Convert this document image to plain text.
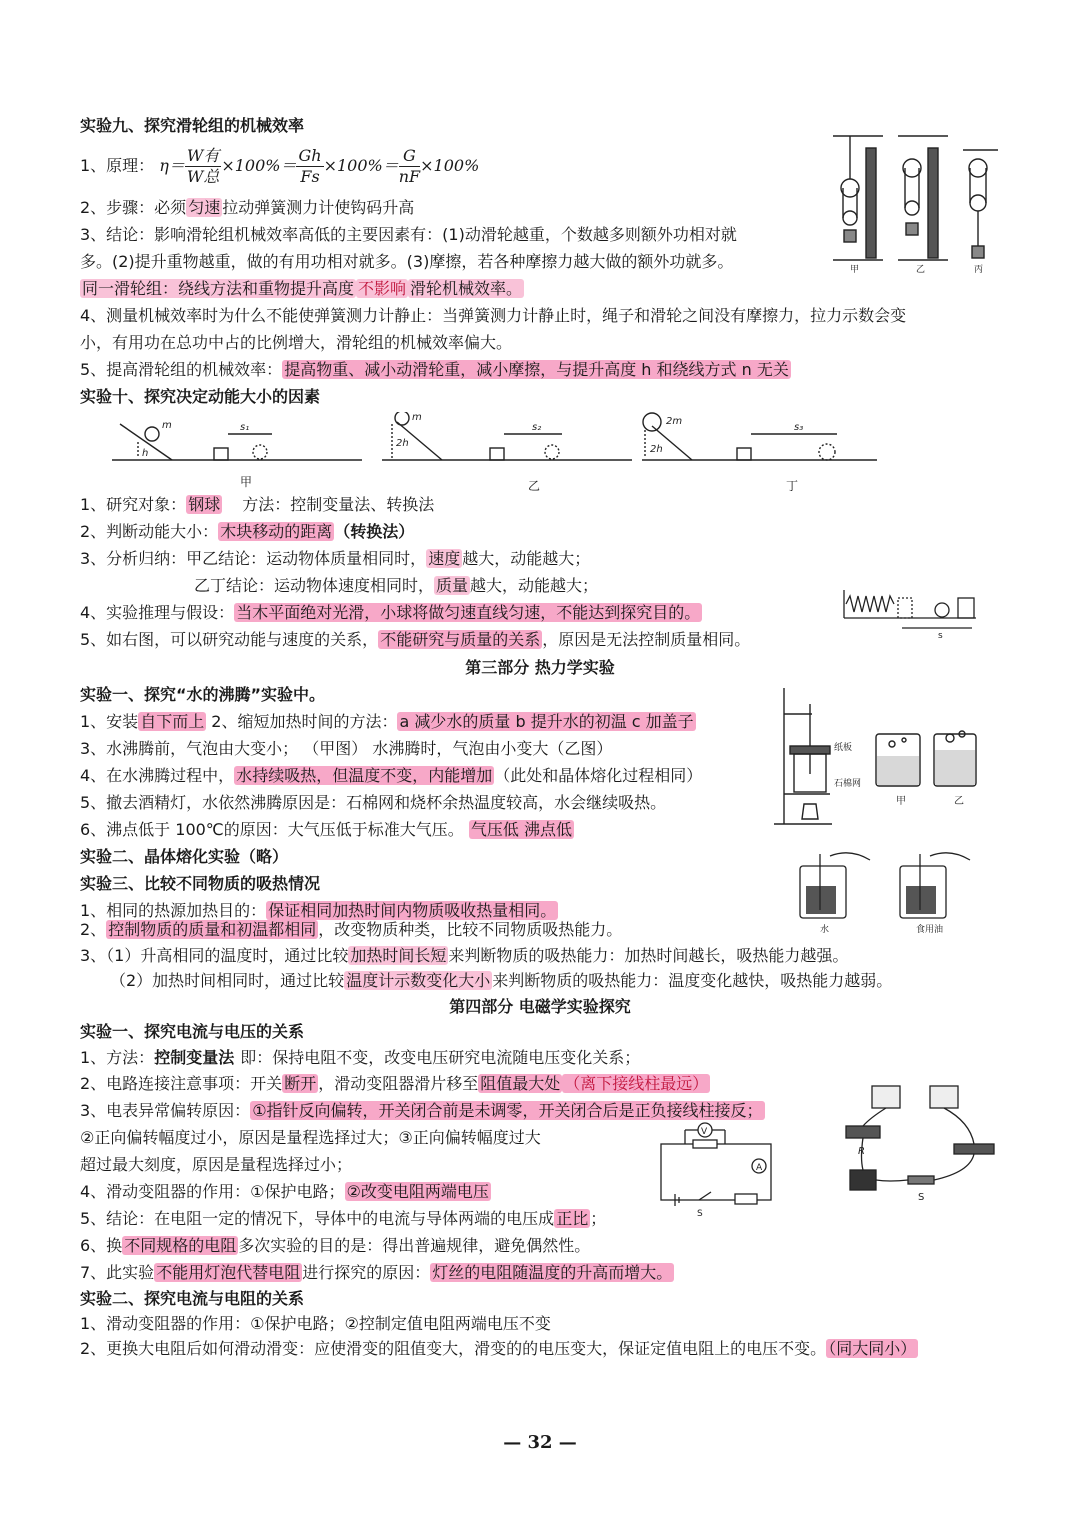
实验九、探究滑轮组的机械效率
1、原理： $\eta= \frac{\text{W有}}{\text{W总}} \times 100\%= \frac{Gh}{Fs} \times 100\%= \frac{G}{nF} \times 100\%$
2、步骤：必须 匀速 拉动弹簧测力计使钩码升高
3、结论：影响滑轮组机械效率高低的主要因素有：(1)动滑轮越重，个数越多则额外功相对就
多。(2)提升重物越重，做的有用功相对就多。(3)摩擦，若各种摩擦力越大做的额外功就多。
同一滑轮组：绕线方法和重物提升高度 不影响 滑轮机械效率。
4、测量机械效率时为什么不能使弹簧测力计静止：当弹簧测力计静止时，绳子和滑轮之间没有摩擦力，拉力示数会变
小，有用功在总功中占的比例增大，滑轮组的机械效率偏大。
5、提高滑轮组的机械效率： 提高物重、减小动滑轮重，减小摩擦，与提升高度 h 和绕线方式 n 无关
甲	乙	丙
实验十、探究决定动能大小的因素
m
h
s₁
m
2h
s₂
2m
2h
s₃
甲	乙	丁
1、研究对象： 钢球 方法：控制变量法、转换法
2、判断动能大小： 木块移动的距离 （转换法）
3、分析归纳：甲乙结论：运动物体质量相同时， 速度 越大，动能越大；
乙丁结论：运动物体速度相同时， 质量 越大，动能越大；
4、实验推理与假设： 当木平面绝对光滑，小球将做匀速直线匀速，不能达到探究目的。
5、如右图，可以研究动能与速度的关系， 不能研究与质量的关系 ，原因是无法控制质量相同。	s
第三部分 热力学实验
实验一、探究“水的沸腾”实验中。
1、安装 自下而上 2、缩短加热时间的方法： a 减少水的质量 b 提升水的初温 c 加盖子
3、水沸腾前，气泡由大变小； （甲图） 水沸腾时，气泡由小变大（乙图）
4、在水沸腾过程中， 水持续吸热，但温度不变，内能增加 （此处和晶体熔化过程相同）
5、撤去酒精灯，水依然沸腾原因是：石棉网和烧杯余热温度较高，水会继续吸热。
6、沸点低于 100℃的原因：大气压低于标准大气压。 气压低 沸点低
纸板
石棉网
甲	乙
实验二、晶体熔化实验（略）
实验三、比较不同物质的吸热情况
水	食用油
1、相同的热源加热目的： 保证相同加热时间内物质吸收热量相同。
2、 控制物质的质量和初温都相同 ，改变物质种类，比较不同物质吸热能力。
3、（1）升高相同的温度时，通过比较 加热时间长短 来判断物质的吸热能力：加热时间越长，吸热能力越强。
（2）加热时间相同时，通过比较 温度计示数变化大小 来判断物质的吸热能力：温度变化越快，吸热能力越弱。
第四部分 电磁学实验探究
实验一、探究电流与电压的关系
1、方法：控制变量法 即：保持电阻不变，改变电压研究电流随电压变化关系；
2、电路连接注意事项：开关 断开 ，滑动变阻器滑片移至 阻值最大处 （离下接线柱最远）
3、电表异常偏转原因： ①指针反向偏转，开关闭合前是未调零，开关闭合后是正负接线柱接反；
②正向偏转幅度过小，原因是量程选择过大；③正向偏转幅度过大
超过最大刻度，原因是量程选择过小；
4、滑动变阻器的作用：①保护电路； ②改变电阻两端电压
5、结论：在电阻一定的情况下，导体中的电流与导体两端的电压成 正比 ；
6、换 不同规格的电阻 多次实验的目的是：得出普遍规律，避免偶然性。
7、此实验 不能用灯泡代替电阻 进行探究的原因： 灯丝的电阻随温度的升高而增大。
V
A
S
R
S
实验二、探究电流与电阻的关系
1、滑动变阻器的作用：①保护电路；②控制定值电阻两端电压不变
2、更换大电阻后如何滑动滑变：应使滑变的阻值变大，滑变的的电压变大，保证定值电阻上的电压不变。 （同大同小）
— 32 —
